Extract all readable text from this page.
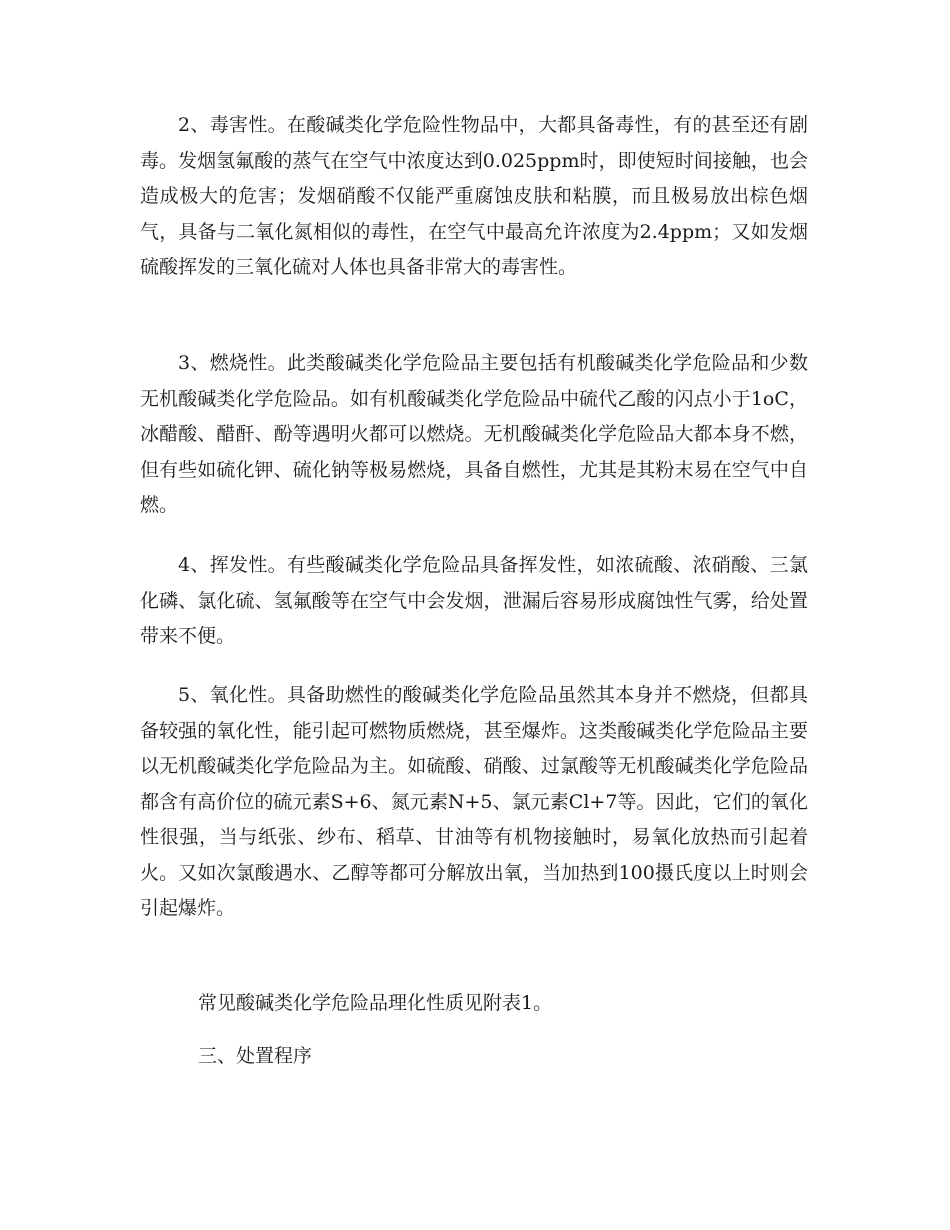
2、毒害性。在酸碱类化学危险性物品中，大都具备毒性，有的甚至还有剧毒。发烟氢氟酸的蒸气在空气中浓度达到0.025ppm时，即使短时间接触，也会造成极大的危害；发烟硝酸不仅能严重腐蚀皮肤和粘膜，而且极易放出棕色烟气，具备与二氧化氮相似的毒性，在空气中最高允许浓度为2.4ppm；又如发烟硫酸挥发的三氧化硫对人体也具备非常大的毒害性。

3、燃烧性。此类酸碱类化学危险品主要包括有机酸碱类化学危险品和少数无机酸碱类化学危险品。如有机酸碱类化学危险品中硫代乙酸的闪点小于1oC，冰醋酸、醋酐、酚等遇明火都可以燃烧。无机酸碱类化学危险品大都本身不燃，但有些如硫化钾、硫化钠等极易燃烧，具备自燃性，尤其是其粉末易在空气中自燃。

4、挥发性。有些酸碱类化学危险品具备挥发性，如浓硫酸、浓硝酸、三氯化磷、氯化硫、氢氟酸等在空气中会发烟，泄漏后容易形成腐蚀性气雾，给处置带来不便。

5、氧化性。具备助燃性的酸碱类化学危险品虽然其本身并不燃烧，但都具备较强的氧化性，能引起可燃物质燃烧，甚至爆炸。这类酸碱类化学危险品主要以无机酸碱类化学危险品为主。如硫酸、硝酸、过氯酸等无机酸碱类化学危险品都含有高价位的硫元素S+6、氮元素N+5、氯元素Cl+7等。因此，它们的氧化性很强，当与纸张、纱布、稻草、甘油等有机物接触时，易氧化放热而引起着火。又如次氯酸遇水、乙醇等都可分解放出氧，当加热到100摄氏度以上时则会引起爆炸。

常见酸碱类化学危险品理化性质见附表1。

三、处置程序
